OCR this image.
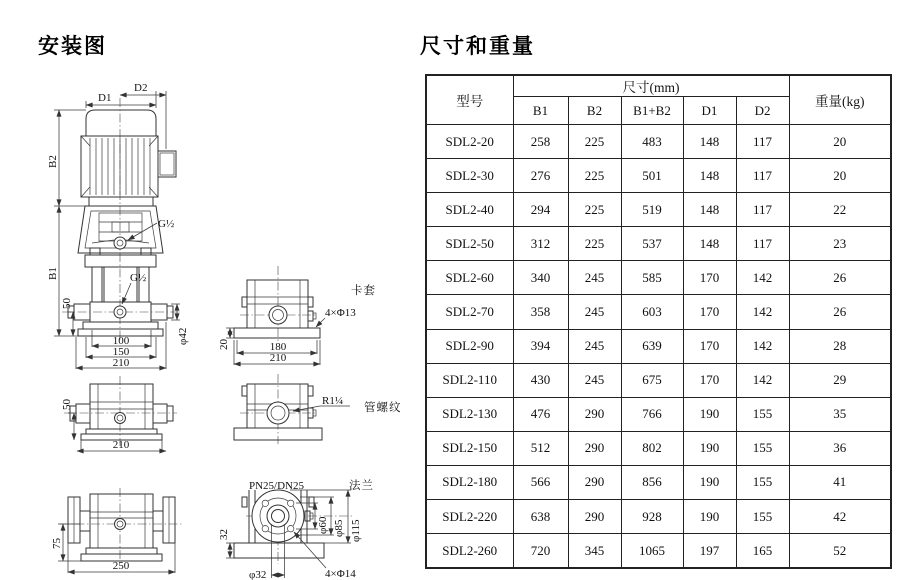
安装图	尺寸和重量
D1
D2
B2
B1
G½
G½
50
φ42
100
150
210
50
210
75
250
卡套
4×Φ13
20	180
210
R1¼
管螺纹
PN25/DN25	法兰
32
φ32	4×Φ14
φ60 φ85 φ115
型号	尺寸(mm)					重量(kg)
	B1	B2	B1+B2	D1	D2	
SDL2-20	258	225	483	148	117	20
SDL2-30	276	225	501	148	117	20
SDL2-40	294	225	519	148	117	22
SDL2-50	312	225	537	148	117	23
SDL2-60	340	245	585	170	142	26
SDL2-70	358	245	603	170	142	26
SDL2-90	394	245	639	170	142	28
SDL2-110	430	245	675	170	142	29
SDL2-130	476	290	766	190	155	35
SDL2-150	512	290	802	190	155	36
SDL2-180	566	290	856	190	155	41
SDL2-220	638	290	928	190	155	42
SDL2-260	720	345	1065	197	165	52
